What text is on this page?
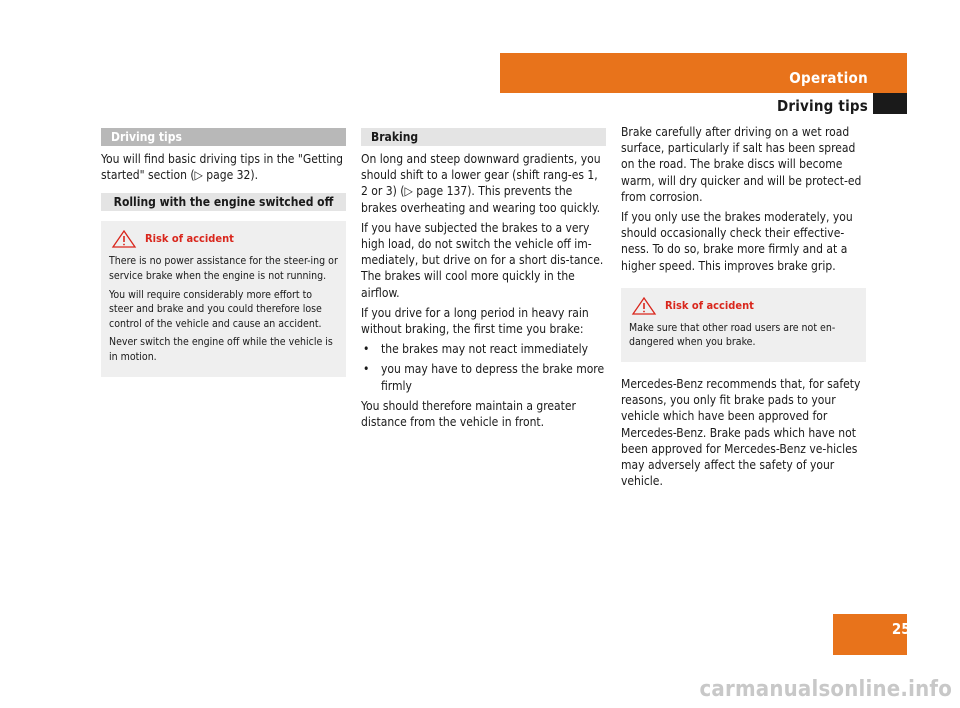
Operation
Driving tips
Driving tips

You will find basic driving tips in the "Getting started" section (▷ page 32).

Rolling with the engine switched off
Risk of accident

There is no power assistance for the steer-ing or service brake when the engine is not running.

You will require considerably more effort to steer and brake and you could therefore lose control of the vehicle and cause an accident.

Never switch the engine off while the vehicle is in motion.

Braking

On long and steep downward gradients, you should shift to a lower gear (shift rang-es 1, 2 or 3) (▷ page 137). This prevents the brakes overheating and wearing too quickly.

If you have subjected the brakes to a very high load, do not switch the vehicle off im-mediately, but drive on for a short dis-tance. The brakes will cool more quickly in the airflow.

If you drive for a long period in heavy rain without braking, the first time you brake:

• the brakes may not react immediately
• you may have to depress the brake more firmly

You should therefore maintain a greater distance from the vehicle in front.

Brake carefully after driving on a wet road surface, particularly if salt has been spread on the road. The brake discs will become warm, will dry quicker and will be protect-ed from corrosion.

If you only use the brakes moderately, you should occasionally check their effective-ness. To do so, brake more firmly and at a higher speed. This improves brake grip.

Risk of accident

Make sure that other road users are not en-dangered when you brake.

Mercedes-Benz recommends that, for safety reasons, you only fit brake pads to your vehicle which have been approved for Mercedes-Benz. Brake pads which have not been approved for Mercedes-Benz ve-hicles may adversely affect the safety of your vehicle.

255
carmanualsonline.info
